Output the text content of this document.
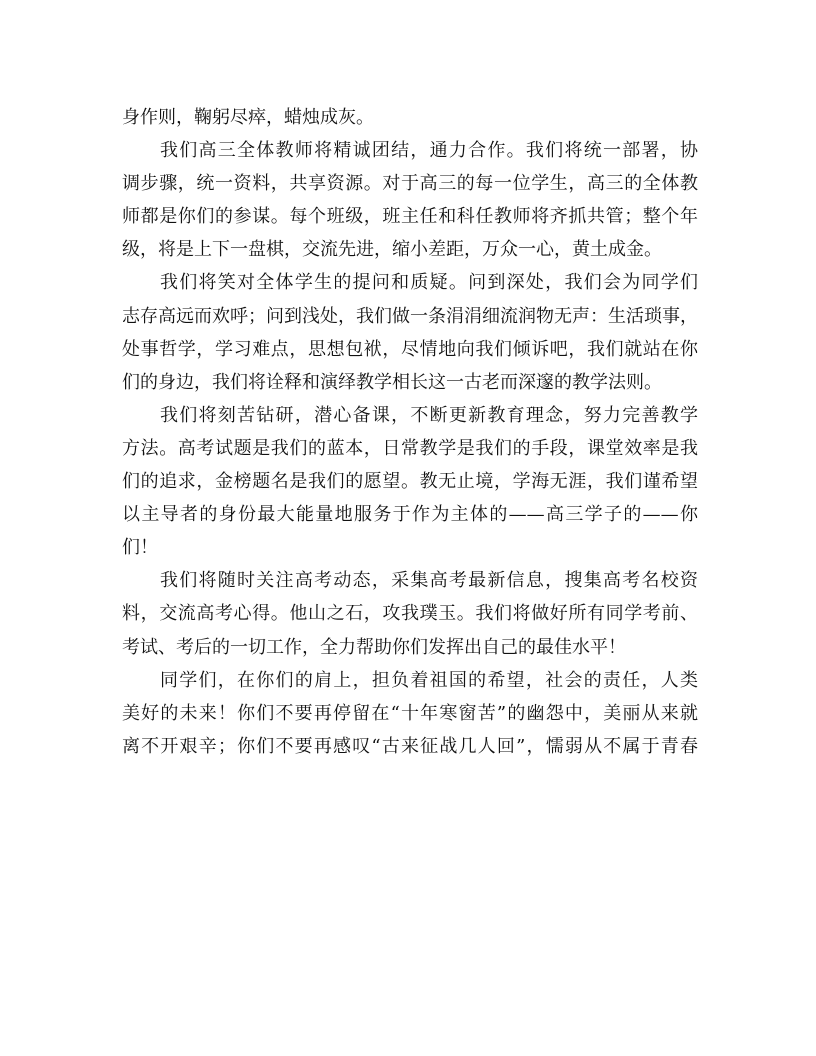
身作则，鞠躬尽瘁，蜡烛成灰。
我们高三全体教师将精诚团结，通力合作。我们将统一部署，协
调步骤，统一资料，共享资源。对于高三的每一位学生，高三的全体教
师都是你们的参谋。每个班级，班主任和科任教师将齐抓共管；整个年
级，将是上下一盘棋，交流先进，缩小差距，万众一心，黄土成金。
我们将笑对全体学生的提问和质疑。问到深处，我们会为同学们
志存高远而欢呼；问到浅处，我们做一条涓涓细流润物无声：生活琐事，
处事哲学，学习难点，思想包袱，尽情地向我们倾诉吧，我们就站在你
们的身边，我们将诠释和演绎教学相长这一古老而深邃的教学法则。
我们将刻苦钻研，潜心备课，不断更新教育理念，努力完善教学
方法。高考试题是我们的蓝本，日常教学是我们的手段，课堂效率是我
们的追求，金榜题名是我们的愿望。教无止境，学海无涯，我们谨希望
以主导者的身份最大能量地服务于作为主体的——高三学子的——你
们！
我们将随时关注高考动态，采集高考最新信息，搜集高考名校资
料，交流高考心得。他山之石，攻我璞玉。我们将做好所有同学考前、
考试、考后的一切工作，全力帮助你们发挥出自己的最佳水平！
同学们，在你们的肩上，担负着祖国的希望，社会的责任，人类
美好的未来！你们不要再停留在“十年寒窗苦”的幽怨中，美丽从来就
离不开艰辛；你们不要再感叹“古来征战几人回”，懦弱从不属于青春
